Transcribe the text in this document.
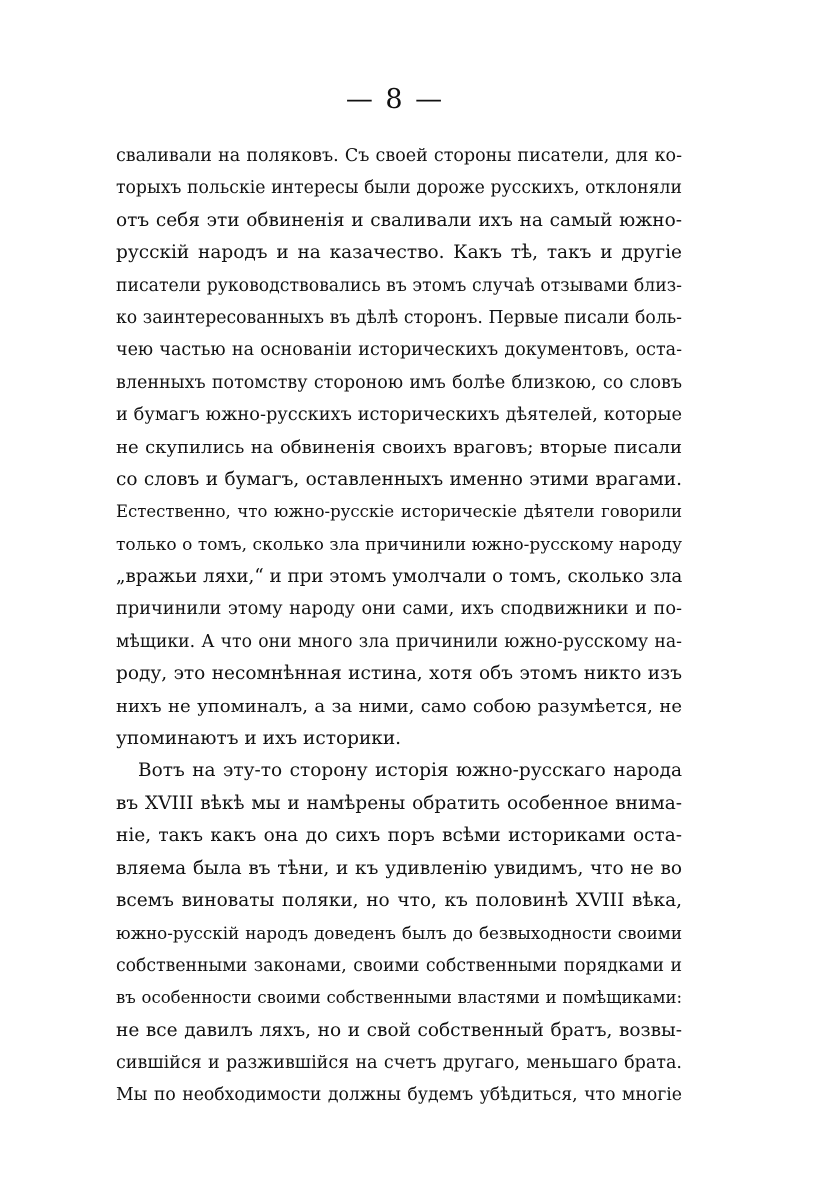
— 8 —
сваливали на поляковъ. Съ своей стороны писатели, для ко-
торыхъ польскіе интересы были дороже русскихъ, отклоняли
отъ себя эти обвиненія и сваливали ихъ на самый южно-
русскій народъ и на казачество. Какъ тѣ, такъ и другіе
писатели руководствовались въ этомъ случаѣ отзывами близ-
ко заинтересованныхъ въ дѣлѣ сторонъ. Первые писали боль-
чею частью на основаніи историческихъ документовъ, оста-
вленныхъ потомству стороною имъ болѣе близкою, со словъ
и бумагъ южно-русскихъ историческихъ дѣятелей, которые
не скупились на обвиненія своихъ враговъ; вторые писали
со словъ и бумагъ, оставленныхъ именно этими врагами.
Естественно, что южно-русскіе историческіе дѣятели говорили
только о томъ, сколько зла причинили южно-русскому народу
„вражьи ляхи,“ и при этомъ умолчали о томъ, сколько зла
причинили этому народу они сами, ихъ сподвижники и по-
мѣщики. А что они много зла причинили южно-русскому на-
роду, это несомнѣнная истина, хотя объ этомъ никто изъ
нихъ не упоминалъ, а за ними, само собою разумѣется, не
упоминаютъ и ихъ историки.
Вотъ на эту-то сторону исторія южно-русскаго народа
въ XVIII вѣкѣ мы и намѣрены обратить особенное внима-
ніе, такъ какъ она до сихъ поръ всѣми историками оста-
вляема была въ тѣни, и къ удивленію увидимъ, что не во
всемъ виноваты поляки, но что, къ половинѣ XVIII вѣка,
южно-русскій народъ доведенъ былъ до безвыходности своими
собственными законами, своими собственными порядками и
въ особенности своими собственными властями и помѣщиками:
не все давилъ ляхъ, но и свой собственный братъ, возвы-
сившійся и разжившійся на счетъ другаго, меньшаго брата.
Мы по необходимости должны будемъ убѣдиться, что многіе
